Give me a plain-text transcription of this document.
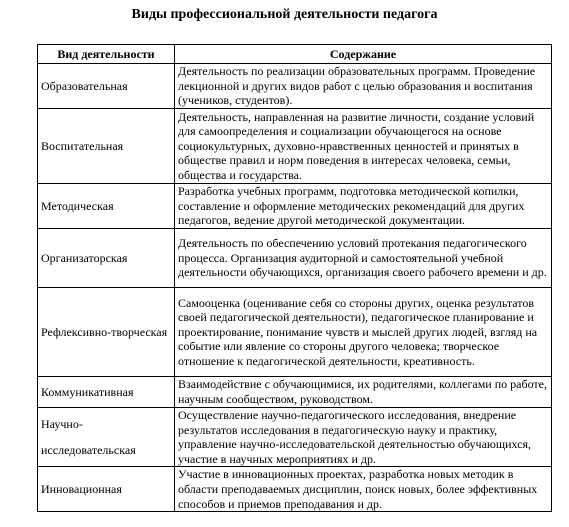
Виды профессиональной деятельности педагога
Вид деятельности	Содержание
Образовательная	Деятельность по реализации образовательных программ. Проведение лекционной и других видов работ с целью образования и воспитания (учеников, студентов).
Воспитательная	Деятельность, направленная на развитие личности, создание условий для самоопределения и социализации обучающегося на основе социокультурных, духовно-нравственных ценностей и принятых в обществе правил и норм поведения в интересах человека, семьи, общества и государства.
Методическая	Разработка учебных программ, подготовка методической копилки, составление и оформление методических рекомендаций для других педагогов, ведение другой методической документации.
Организаторская	Деятельность по обеспечению условий протекания педагогического процесса. Организация аудиторной и самостоятельной учебной деятельности обучающихся, организация своего рабочего времени и др.
Рефлексивно-творческая	Самооценка (оценивание себя со стороны других, оценка результатов своей педагогической деятельности), педагогическое планирование и проектирование, понимание чувств и мыслей других людей, взгляд на событие или явление со стороны другого человека; творческое отношение к педагогической деятельности, креативность.
Коммуникативная	Взаимодействие с обучающимися, их родителями, коллегами по работе, научным сообществом, руководством.
Научно-исследовательская	Осуществление научно-педагогического исследования, внедрение результатов исследования в педагогическую науку и практику, управление научно-исследовательской деятельностью обучающихся, участие в научных мероприятиях и др.
Инновационная	Участие в инновационных проектах, разработка новых методик в области преподаваемых дисциплин, поиск новых, более эффективных способов и приемов преподавания и др.
